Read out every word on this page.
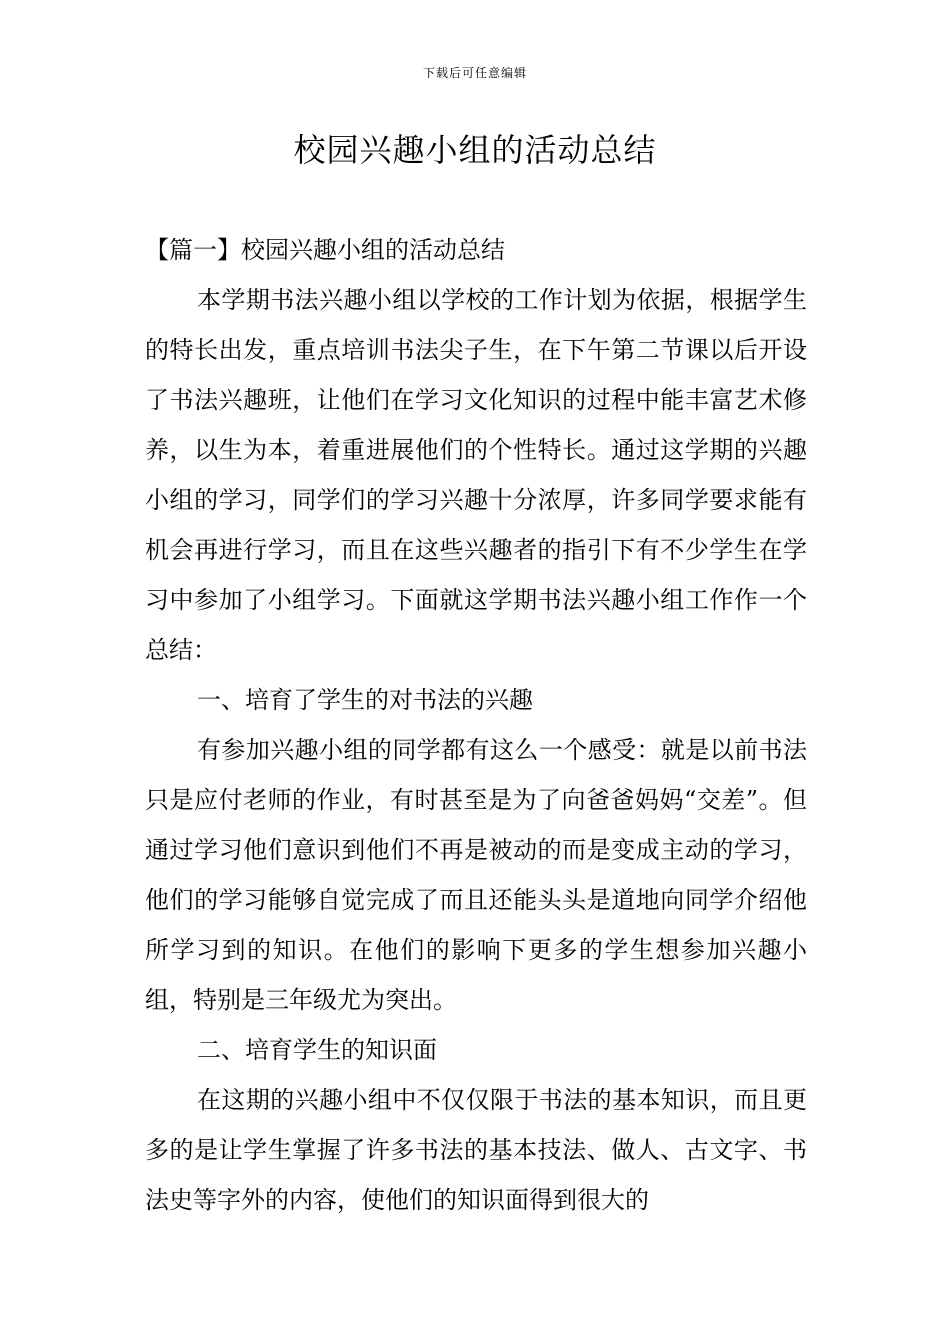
下载后可任意编辑
校园兴趣小组的活动总结

【篇一】校园兴趣小组的活动总结

本学期书法兴趣小组以学校的工作计划为依据，根据学生的特长出发，重点培训书法尖子生，在下午第二节课以后开设了书法兴趣班，让他们在学习文化知识的过程中能丰富艺术修养，以生为本，着重进展他们的个性特长。通过这学期的兴趣小组的学习，同学们的学习兴趣十分浓厚，许多同学要求能有机会再进行学习，而且在这些兴趣者的指引下有不少学生在学习中参加了小组学习。下面就这学期书法兴趣小组工作作一个总结：

一、培育了学生的对书法的兴趣

有参加兴趣小组的同学都有这么一个感受：就是以前书法只是应付老师的作业，有时甚至是为了向爸爸妈妈“交差”。但通过学习他们意识到他们不再是被动的而是变成主动的学习，他们的学习能够自觉完成了而且还能头头是道地向同学介绍他所学习到的知识。在他们的影响下更多的学生想参加兴趣小组，特别是三年级尤为突出。

二、培育学生的知识面

在这期的兴趣小组中不仅仅限于书法的基本知识，而且更多的是让学生掌握了许多书法的基本技法、做人、古文字、书法史等字外的内容，使他们的知识面得到很大的
